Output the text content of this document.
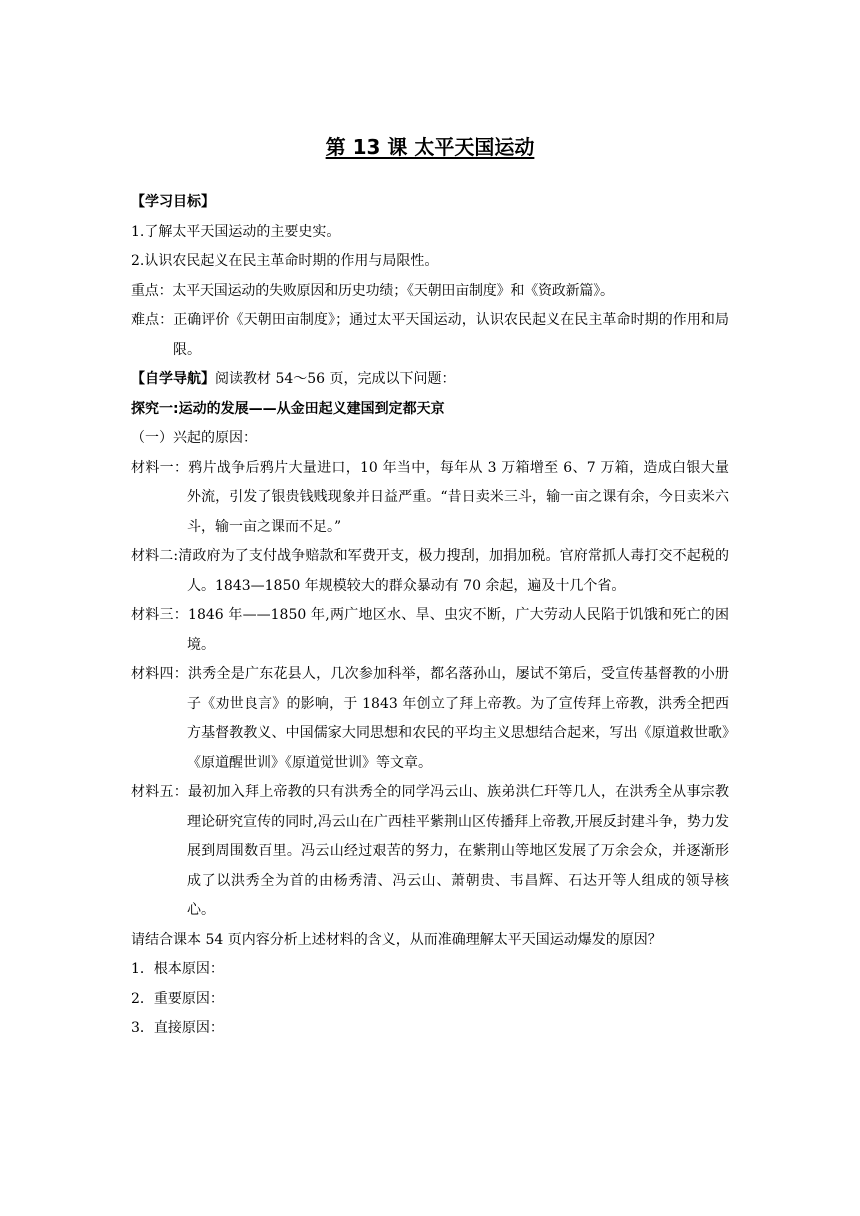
第 13 课 太平天国运动

【学习目标】

1.了解太平天国运动的主要史实。

2.认识农民起义在民主革命时期的作用与局限性。

重点：太平天国运动的失败原因和历史功绩；《天朝田亩制度》和《资政新篇》。

难点：正确评价《天朝田亩制度》；通过太平天国运动，认识农民起义在民主革命时期的作用和局限。

【自学导航】阅读教材 54～56 页，完成以下问题：

探究一:运动的发展——从金田起义建国到定都天京

（一）兴起的原因：

材料一：鸦片战争后鸦片大量进口，10 年当中，每年从 3 万箱增至 6、7 万箱，造成白银大量外流，引发了银贵钱贱现象并日益严重。“昔日卖米三斗，输一亩之课有余，今日卖米六斗，输一亩之课而不足。”

材料二:清政府为了支付战争赔款和军费开支，极力搜刮，加捐加税。官府常抓人毒打交不起税的人。1843—1850 年规模较大的群众暴动有 70 余起，遍及十几个省。

材料三：1846 年——1850 年,两广地区水、旱、虫灾不断，广大劳动人民陷于饥饿和死亡的困境。

材料四：洪秀全是广东花县人，几次参加科举，都名落孙山，屡试不第后，受宣传基督教的小册子《劝世良言》的影响，于 1843 年创立了拜上帝教。为了宣传拜上帝教，洪秀全把西方基督教教义、中国儒家大同思想和农民的平均主义思想结合起来，写出《原道救世歌》《原道醒世训》《原道觉世训》等文章。

材料五：最初加入拜上帝教的只有洪秀全的同学冯云山、族弟洪仁玕等几人，在洪秀全从事宗教理论研究宣传的同时,冯云山在广西桂平紫荆山区传播拜上帝教,开展反封建斗争，势力发展到周围数百里。冯云山经过艰苦的努力，在紫荆山等地区发展了万余会众，并逐渐形成了以洪秀全为首的由杨秀清、冯云山、萧朝贵、韦昌辉、石达开等人组成的领导核心。

请结合课本 54 页内容分析上述材料的含义，从而准确理解太平天国运动爆发的原因？

1．根本原因：

2．重要原因：

3．直接原因：
